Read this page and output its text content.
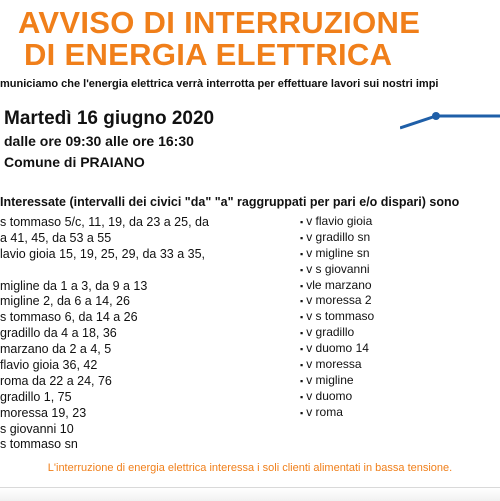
AVVISO DI INTERRUZIONE
DI ENERGIA ELETTRICA
municiamo che l'energia elettrica verrà interrotta per effettuare lavori sui nostri impi
Martedì 16 giugno 2020
dalle ore 09:30 alle ore 16:30
Comune di PRAIANO
Interessate (intervalli dei civici "da" "a" raggruppati per pari e/o dispari) sono
s tommaso 5/c, 11, 19, da 23 a 25, da
a 41, 45, da 53 a 55
lavio gioia 15, 19, 25, 29, da 33 a 35,
migline da 1 a 3, da 9 a 13
migline 2, da 6 a 14, 26
s tommaso 6, da 14 a 26
gradillo da 4 a 18, 36
marzano da 2 a 4, 5
flavio gioia 36, 42
roma da 22 a 24, 76
gradillo 1, 75
moressa 19, 23
s giovanni 10
s tommaso sn
▪ v flavio gioia
▪ v gradillo sn
▪ v migline sn
▪ v s giovanni
▪ vle marzano
▪ v moressa 2
▪ v s tommaso
▪ v gradillo
▪ v duomo 14
▪ v moressa
▪ v migline
▪ v duomo
▪ v roma
L'interruzione di energia elettrica interessa i soli clienti alimentati in bassa tensione.
